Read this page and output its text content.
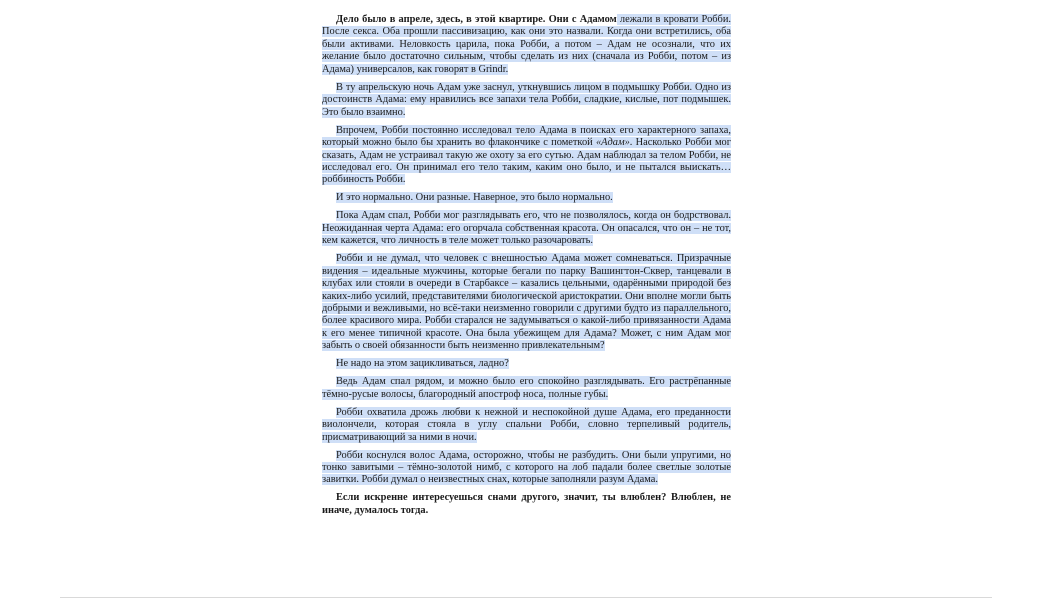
Дело было в апреле, здесь, в этой квартире. Они с Адамом лежали в кровати Робби. После секса. Оба прошли пассивизацию, как они это назвали. Когда они встретились, оба были активами. Неловкость царила, пока Робби, а потом – Адам не осознали, что их желание было достаточно сильным, чтобы сделать из них (сначала из Робби, потом – из Адама) универсалов, как говорят в Grindr.

В ту апрельскую ночь Адам уже заснул, уткнувшись лицом в подмышку Робби. Одно из достоинств Адама: ему нравились все запахи тела Робби, сладкие, кислые, пот подмышек. Это было взаимно.

Впрочем, Робби постоянно исследовал тело Адама в поисках его характерного запаха, который можно было бы хранить во флакончике с пометкой «Адам». Насколько Робби мог сказать, Адам не устраивал такую же охоту за его сутью. Адам наблюдал за телом Робби, не исследовал его. Он принимал его тело таким, каким оно было, и не пытался выискать… роббиность Робби.

И это нормально. Они разные. Наверное, это было нормально.

Пока Адам спал, Робби мог разглядывать его, что не позволялось, когда он бодрствовал. Неожиданная черта Адама: его огорчала собственная красота. Он опасался, что он – не тот, кем кажется, что личность в теле может только разочаровать.

Робби и не думал, что человек с внешностью Адама может сомневаться. Призрачные видения – идеальные мужчины, которые бегали по парку Вашингтон-Сквер, танцевали в клубах или стояли в очереди в Старбаксе – казались цельными, одарёнными природой без каких-либо усилий, представителями биологической аристократии. Они вполне могли быть добрыми и вежливыми, но всё-таки неизменно говорили с другими будто из параллельного, более красивого мира. Робби старался не задумываться о какой-либо привязанности Адама к его менее типичной красоте. Она была убежищем для Адама? Может, с ним Адам мог забыть о своей обязанности быть неизменно привлекательным?

Не надо на этом зацикливаться, ладно?

Ведь Адам спал рядом, и можно было его спокойно разглядывать. Его растрёпанные тёмно-русые волосы, благородный апостроф носа, полные губы.

Робби охватила дрожь любви к нежной и неспокойной душе Адама, его преданности виолончели, которая стояла в углу спальни Робби, словно терпеливый родитель, присматривающий за ними в ночи.

Робби коснулся волос Адама, осторожно, чтобы не разбудить. Они были упругими, но тонко завитыми – тёмно-золотой нимб, с которого на лоб падали более светлые золотые завитки. Робби думал о неизвестных снах, которые заполняли разум Адама.

Если искренне интересуешься снами другого, значит, ты влюблен? Влюблен, не иначе, думалось тогда.
